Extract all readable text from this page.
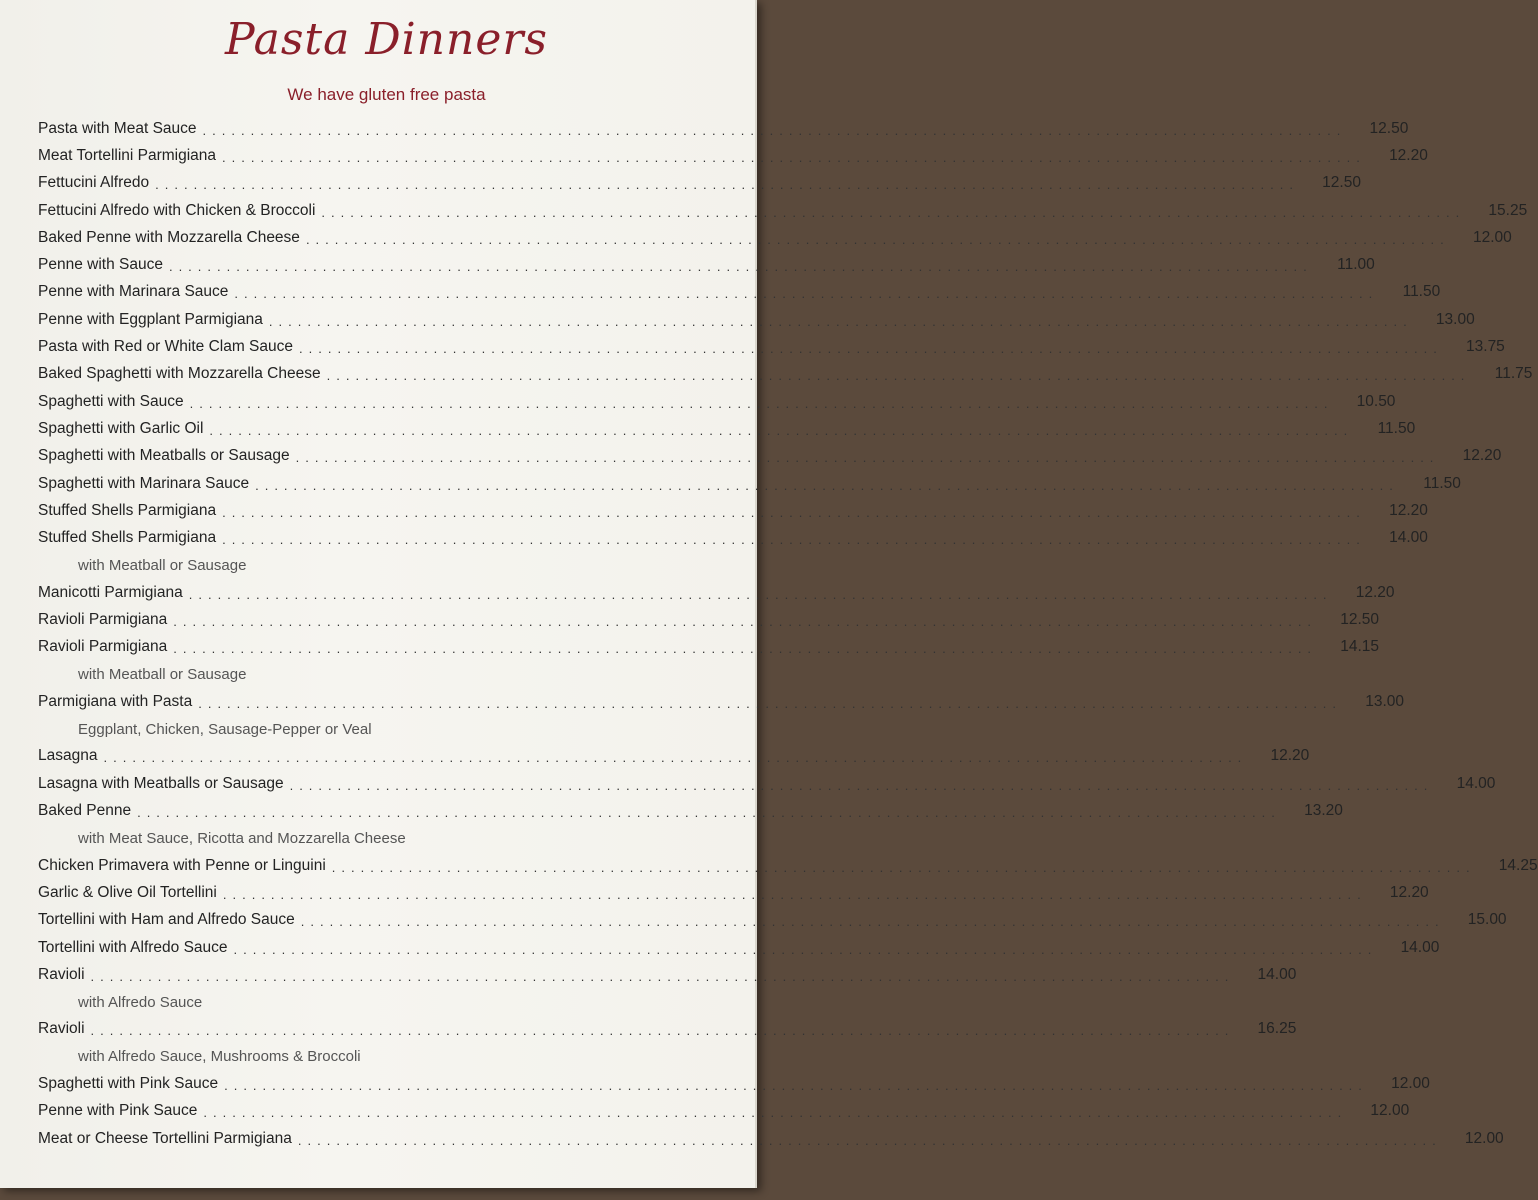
Pasta Dinners
We have gluten free pasta
Pasta with Meat Sauce .......................................................................................................................	12.50
Meat Tortellini Parmigiana .......................................................................................................................	12.20
Fettucini Alfredo .......................................................................................................................	12.50
Fettucini Alfredo with Chicken & Broccoli .......................................................................................................................	15.25
Baked Penne with Mozzarella Cheese .......................................................................................................................	12.00
Penne with Sauce .......................................................................................................................	11.00
Penne with Marinara Sauce .......................................................................................................................	11.50
Penne with Eggplant Parmigiana .......................................................................................................................	13.00
Pasta with Red or White Clam Sauce .......................................................................................................................	13.75
Baked Spaghetti with Mozzarella Cheese .......................................................................................................................	11.75
Spaghetti with Sauce .......................................................................................................................	10.50
Spaghetti with Garlic Oil .......................................................................................................................	11.50
Spaghetti with Meatballs or Sausage .......................................................................................................................	12.20
Spaghetti with Marinara Sauce .......................................................................................................................	11.50
Stuffed Shells Parmigiana .......................................................................................................................	12.20
Stuffed Shells Parmigiana .......................................................................................................................	14.00
with Meatball or Sausage
Manicotti Parmigiana .......................................................................................................................	12.20
Ravioli Parmigiana .......................................................................................................................	12.50
Ravioli Parmigiana .......................................................................................................................	14.15
with Meatball or Sausage
Parmigiana with Pasta .......................................................................................................................	13.00
Eggplant, Chicken, Sausage-Pepper or Veal
Lasagna .......................................................................................................................	12.20
Lasagna with Meatballs or Sausage .......................................................................................................................	14.00
Baked Penne .......................................................................................................................	13.20
with Meat Sauce, Ricotta and Mozzarella Cheese
Chicken Primavera with Penne or Linguini .......................................................................................................................	14.25
Garlic & Olive Oil Tortellini .......................................................................................................................	12.20
Tortellini with Ham and Alfredo Sauce .......................................................................................................................	15.00
Tortellini with Alfredo Sauce .......................................................................................................................	14.00
Ravioli .......................................................................................................................	14.00
with Alfredo Sauce
Ravioli .......................................................................................................................	16.25
with Alfredo Sauce, Mushrooms & Broccoli
Spaghetti with Pink Sauce .......................................................................................................................	12.00
Penne with Pink Sauce .......................................................................................................................	12.00
Meat or Cheese Tortellini Parmigiana .......................................................................................................................	12.00
